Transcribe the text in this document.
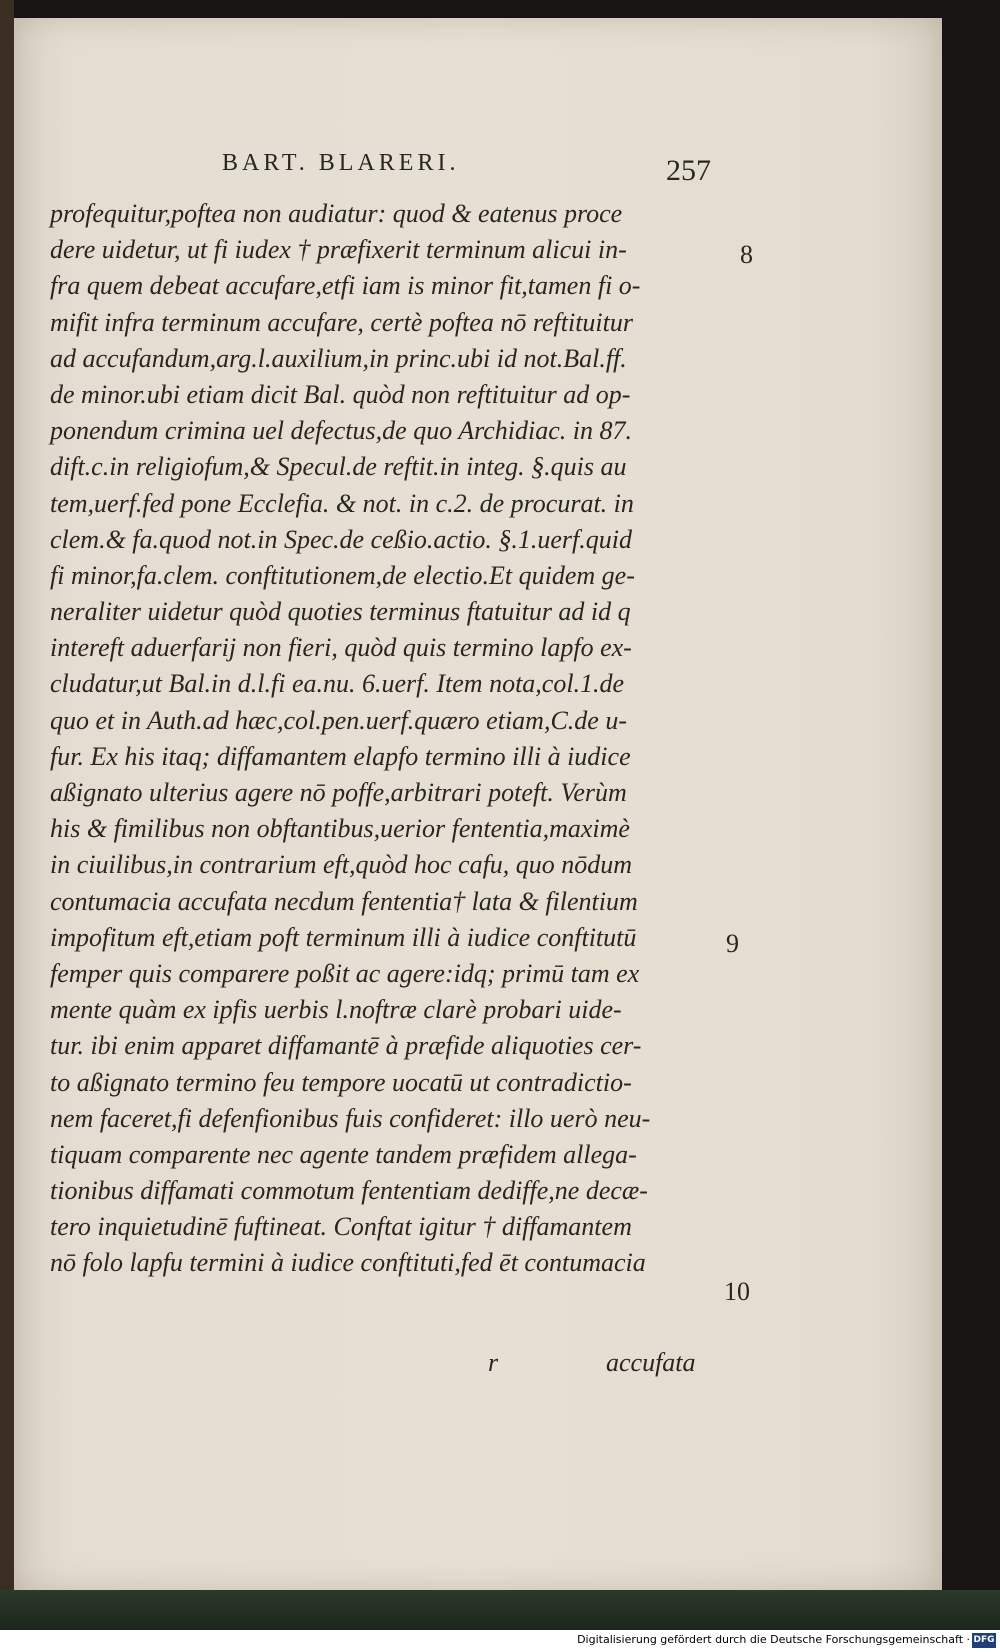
BART. BLARERI.	257
profequitur,poftea non audiatur: quod & eatenus proce
dere uidetur, ut fi iudex † præfixerit terminum alicui in-
fra quem debeat accufare,etfi iam is minor fit,tamen fi o-
mifit infra terminum accufare, certè poftea nō reftituitur
ad accufandum,arg.l.auxilium,in princ.ubi id not.Bal.ff.
de minor.ubi etiam dicit Bal. quòd non reftituitur ad op-
ponendum crimina uel defectus,de quo Archidiac. in 87.
dift.c.in religiofum,& Specul.de reftit.in integ. §.quis au
tem,uerf.fed pone Ecclefia. & not. in c.2. de procurat. in
clem.& fa.quod not.in Spec.de ceßio.actio. §.1.uerf.quid
fi minor,fa.clem. conftitutionem,de electio.Et quidem ge-
neraliter uidetur quòd quoties terminus ftatuitur ad id q
intereft aduerfarij non fieri, quòd quis termino lapfo ex-
cludatur,ut Bal.in d.l.fi ea.nu. 6.uerf. Item nota,col.1.de
quo et in Auth.ad hæc,col.pen.uerf.quæro etiam,C.de u-
fur. Ex his itaq; diffamantem elapfo termino illi à iudice
aßignato ulterius agere nō poffe,arbitrari poteft. Verùm
his & fimilibus non obftantibus,uerior fententia,maximè
in ciuilibus,in contrarium eft,quòd hoc cafu, quo nōdum
contumacia accufata necdum fententia† lata & filentium
impofitum eft,etiam poft terminum illi à iudice conftitutū
femper quis comparere poßit ac agere:idq; primū tam ex
mente quàm ex ipfis uerbis l.noftræ clarè probari uide-
tur. ibi enim apparet diffamantē à præfide aliquoties cer-
to aßignato termino feu tempore uocatū ut contradictio-
nem faceret,fi defenfionibus fuis confideret: illo uerò neu-
tiquam comparente nec agente tandem præfidem allega-
tionibus diffamati commotum fententiam dediffe,ne decæ-
tero inquietudinē fuftineat. Conftat igitur † diffamantem
nō folo lapfu termini à iudice conftituti,fed ēt contumacia
8
9
10
r	accufata
Digitalisierung gefördert durch die Deutsche Forschungsgemeinschaft · DFG
